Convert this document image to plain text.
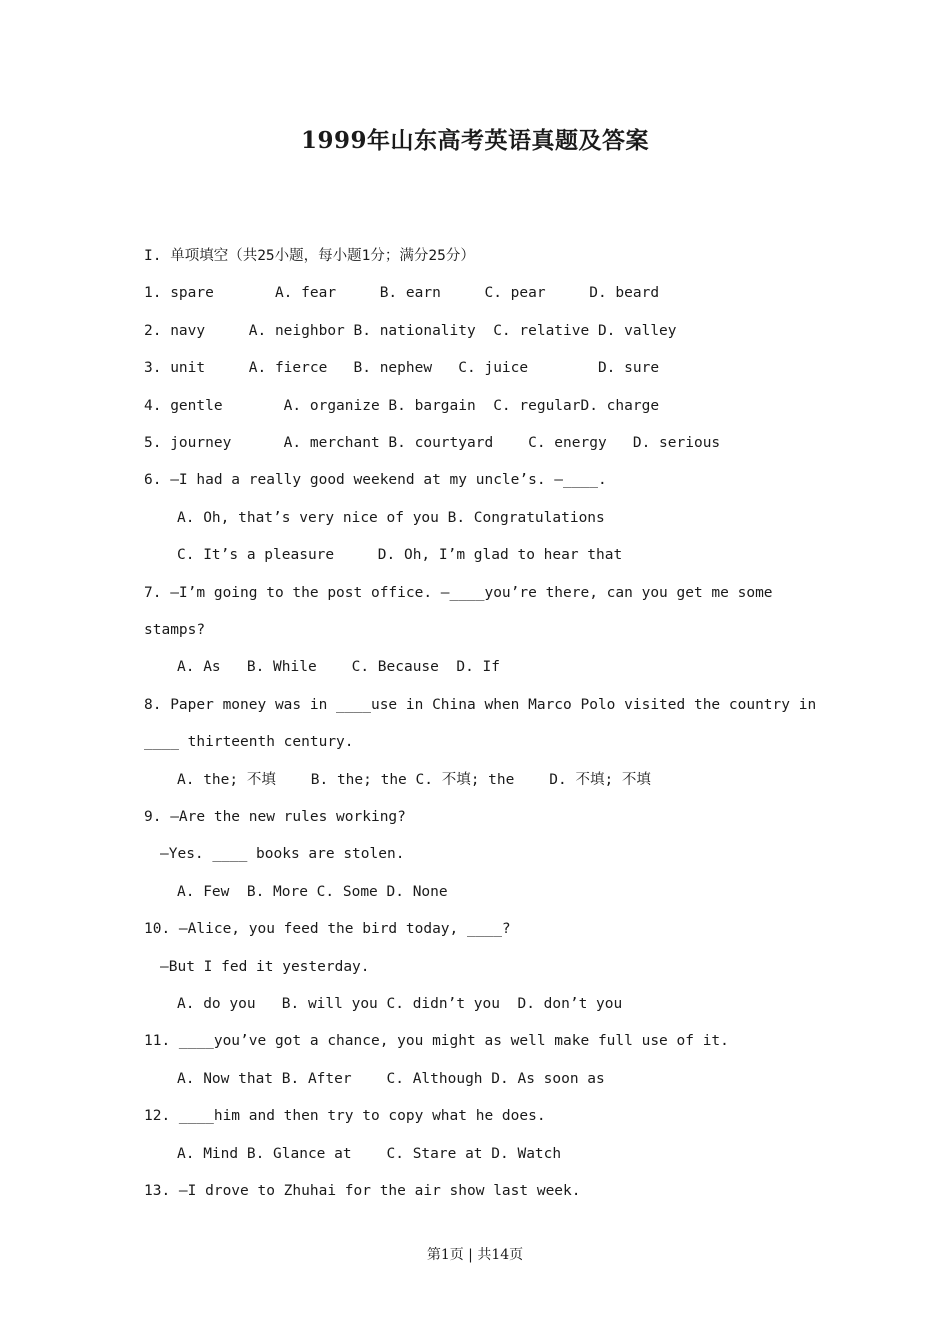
1999年山东高考英语真题及答案
I. 单项填空（共25小题，每小题1分；满分25分）
1. spare       A. fear     B. earn     C. pear     D. beard
2. navy     A. neighbor B. nationality  C. relative D. valley
3. unit     A. fierce   B. nephew   C. juice        D. sure
4. gentle       A. organize B. bargain  C. regularD. charge
5. journey      A. merchant B. courtyard    C. energy   D. serious
6. —I had a really good weekend at my uncle’s. —____.
A. Oh, that’s very nice of you B. Congratulations
C. It’s a pleasure     D. Oh, I’m glad to hear that
7. —I’m going to the post office. —____you’re there, can you get me some
stamps?
A. As   B. While    C. Because  D. If
8. Paper money was in ____use in China when Marco Polo visited the country in
____ thirteenth century.
A. the; 不填    B. the; the C. 不填; the    D. 不填; 不填
9. —Are the new rules working?
—Yes. ____ books are stolen.
A. Few  B. More C. Some D. None
10. —Alice, you feed the bird today, ____?
—But I fed it yesterday.
A. do you   B. will you C. didn’t you  D. don’t you
11. ____you’ve got a chance, you might as well make full use of it.
A. Now that B. After    C. Although D. As soon as
12. ____him and then try to copy what he does.
A. Mind B. Glance at    C. Stare at D. Watch
13. —I drove to Zhuhai for the air show last week.
第1页 | 共14页
